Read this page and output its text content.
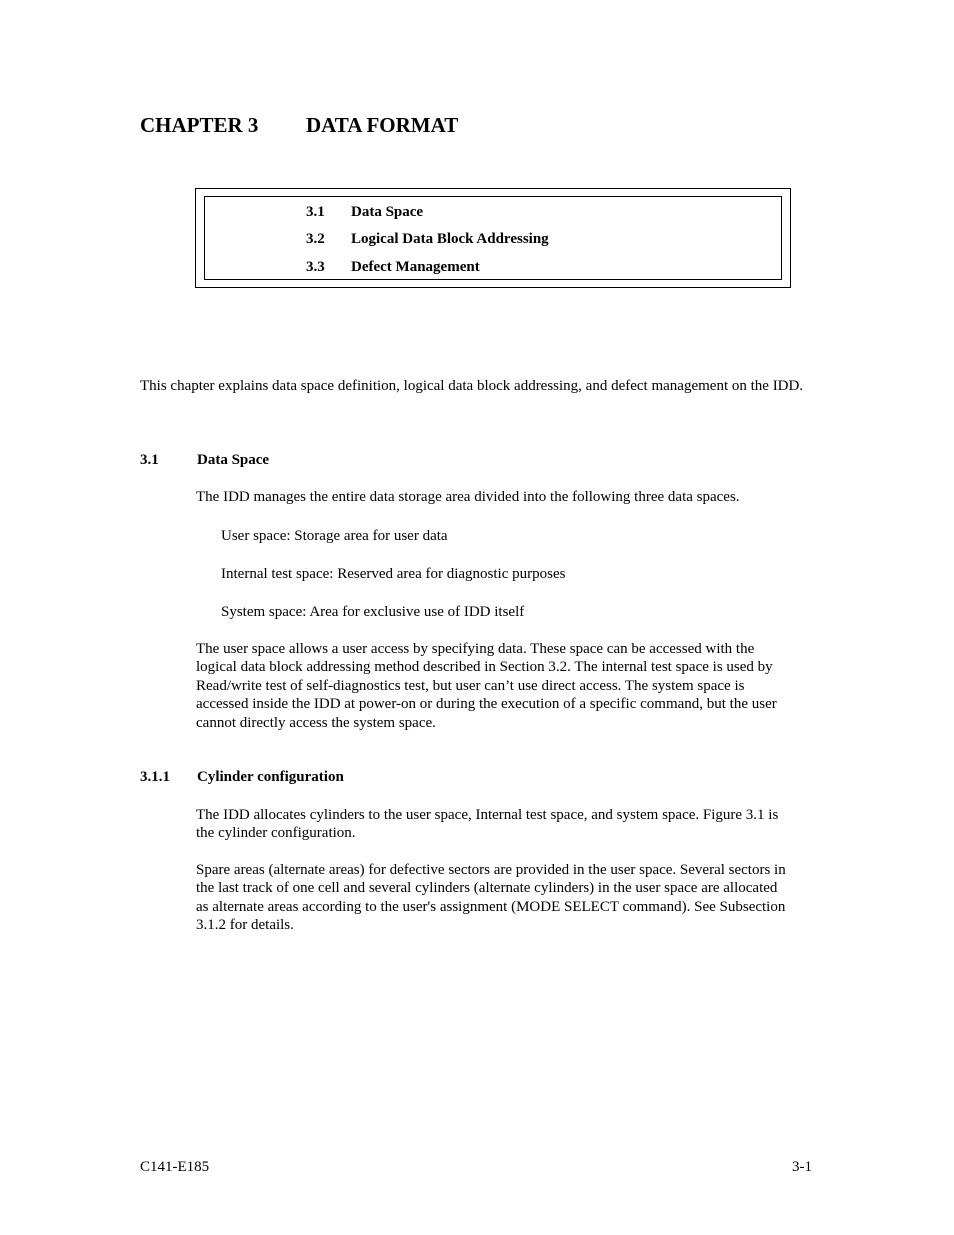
CHAPTER 3	DATA FORMAT
3.1	Data Space
3.2	Logical Data Block Addressing
3.3	Defect Management

This chapter explains data space definition, logical data block addressing, and defect management on the IDD.

3.1	Data Space

The IDD manages the entire data storage area divided into the following three data spaces.

User space: Storage area for user data

Internal test space: Reserved area for diagnostic purposes

System space: Area for exclusive use of IDD itself

The user space allows a user access by specifying data. These space can be accessed with the

logical data block addressing method described in Section 3.2. The internal test space is used by

Read/write test of self-diagnostics test, but user can’t use direct access. The system space is

accessed inside the IDD at power-on or during the execution of a specific command, but the user

cannot directly access the system space.

3.1.1	Cylinder configuration

The IDD allocates cylinders to the user space, Internal test space, and system space. Figure 3.1 is

the cylinder configuration.

Spare areas (alternate areas) for defective sectors are provided in the user space. Several sectors in

the last track of one cell and several cylinders (alternate cylinders) in the user space are allocated

as alternate areas according to the user's assignment (MODE SELECT command). See Subsection

3.1.2 for details.

C141-E185	3-1
